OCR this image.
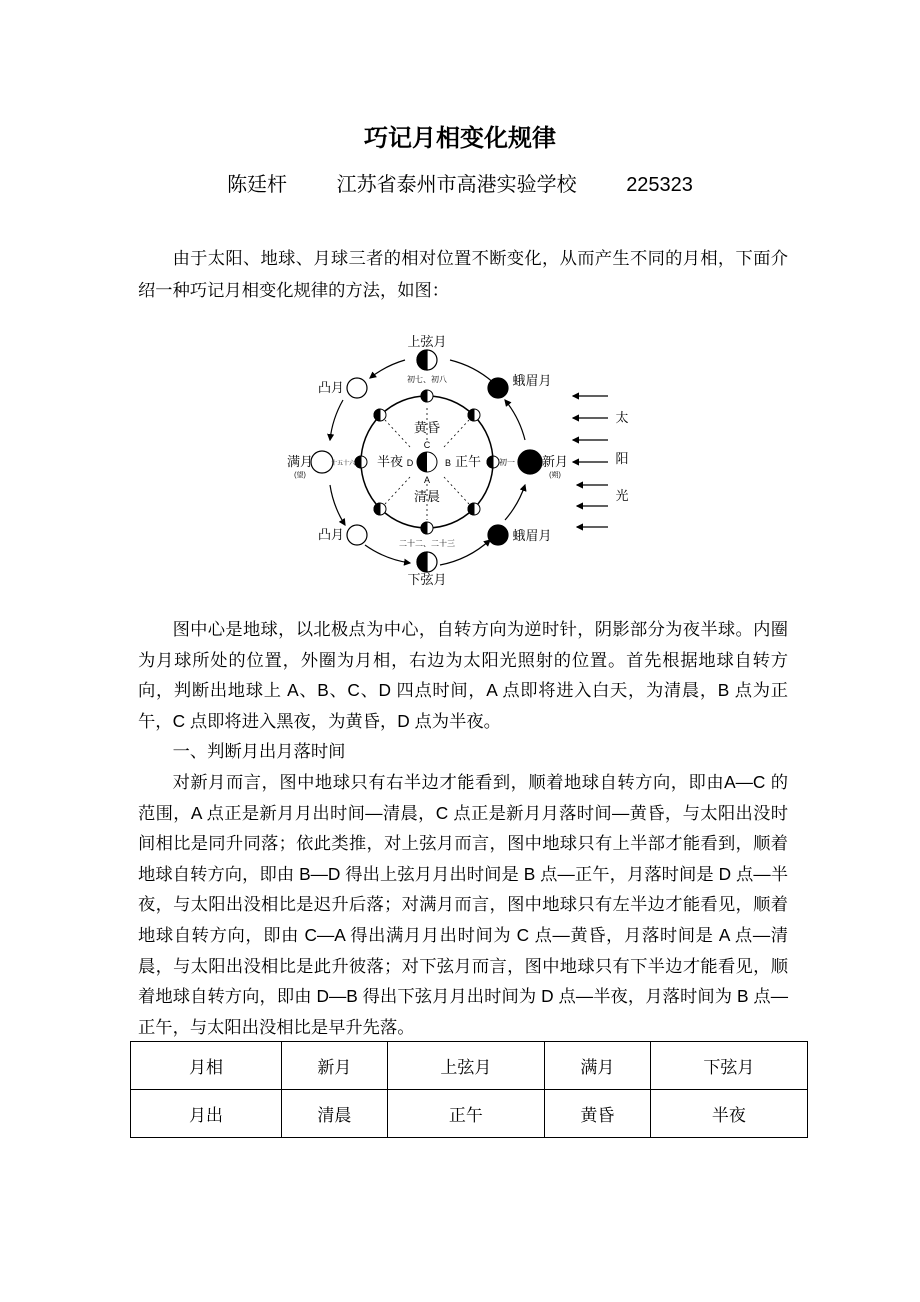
巧记月相变化规律
陈廷杆 江苏省泰州市高港实验学校 225323

由于太阳、地球、月球三者的相对位置不断变化，从而产生不同的月相，下面介绍一种巧记月相变化规律的方法，如图：

上弦月
初七、初八	蛾眉月
新月
(朔)
初一
蛾眉月
下弦月
二十二、二十三
凸月
凸月
满月
(望)
十五十六
黄昏
清晨
半夜	正午
C
A
D	B
太
阳
光

图中心是地球，以北极点为中心，自转方向为逆时针，阴影部分为夜半球。内圈为月球所处的位置，外圈为月相，右边为太阳光照射的位置。首先根据地球自转方向，判断出地球上 A、B、C、D 四点时间，A 点即将进入白天，为清晨，B 点为正午，C 点即将进入黑夜，为黄昏，D 点为半夜。

一、判断月出月落时间

对新月而言，图中地球只有右半边才能看到，顺着地球自转方向，即由A—C 的范围，A 点正是新月月出时间—清晨，C 点正是新月月落时间—黄昏，与太阳出没时间相比是同升同落；依此类推，对上弦月而言，图中地球只有上半部才能看到，顺着地球自转方向，即由 B—D 得出上弦月月出时间是 B 点—正午，月落时间是 D 点—半夜，与太阳出没相比是迟升后落；对满月而言，图中地球只有左半边才能看见，顺着地球自转方向，即由 C—A 得出满月月出时间为 C 点—黄昏，月落时间是 A 点—清晨，与太阳出没相比是此升彼落；对下弦月而言，图中地球只有下半边才能看见，顺着地球自转方向，即由 D—B 得出下弦月月出时间为 D 点—半夜，月落时间为 B 点—正午，与太阳出没相比是早升先落。

月相	新月	上弦月	满月	下弦月
月出	清晨	正午	黄昏	半夜
